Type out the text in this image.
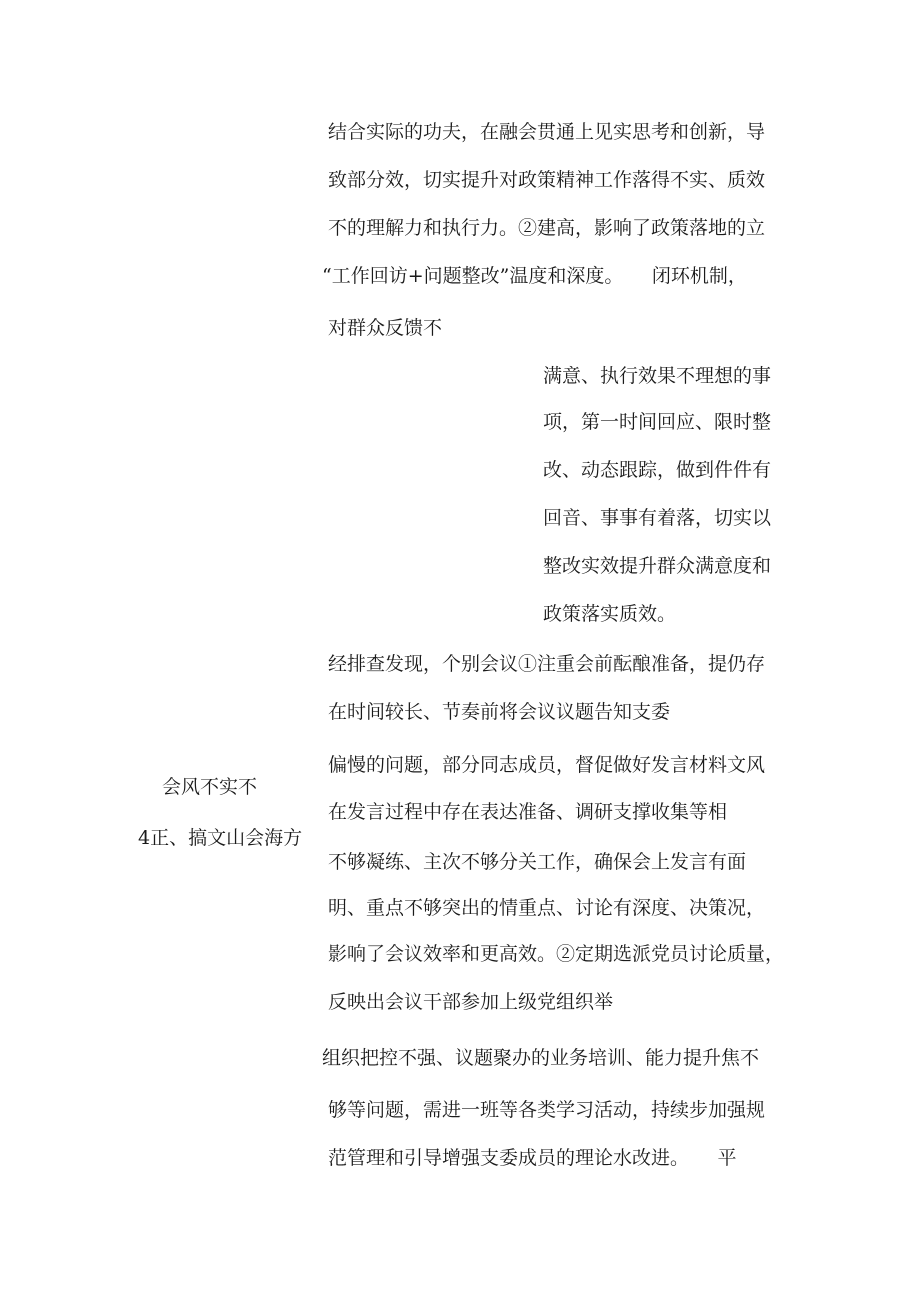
结合实际的功夫，在融会贯通上见实思考和创新，导
致部分效，切实提升对政策精神工作落得不实、质效
不的理解力和执行力。②建高，影响了政策落地的立
“工作回访+问题整改”温度和深度。　　闭环机制，
对群众反馈不
满意、执行效果不理想的事
项，第一时间回应、限时整
改、动态跟踪，做到件件有
回音、事事有着落，切实以
整改实效提升群众满意度和
政策落实质效。
经排查发现，个别会议①注重会前酝酿准备，提仍存
在时间较长、节奏前将会议议题告知支委
偏慢的问题，部分同志成员，督促做好发言材料文风
在发言过程中存在表达准备、调研支撑收集等相
不够凝练、主次不够分关工作，确保会上发言有面
明、重点不够突出的情重点、讨论有深度、决策况，
影响了会议效率和更高效。②定期选派党员讨论质量，
反映出会议干部参加上级党组织举
组织把控不强、议题聚办的业务培训、能力提升焦不
够等问题，需进一班等各类学习活动，持续步加强规
范管理和引导增强支委成员的理论水改进。　　平
会风不实不
4正、搞文山会海方
